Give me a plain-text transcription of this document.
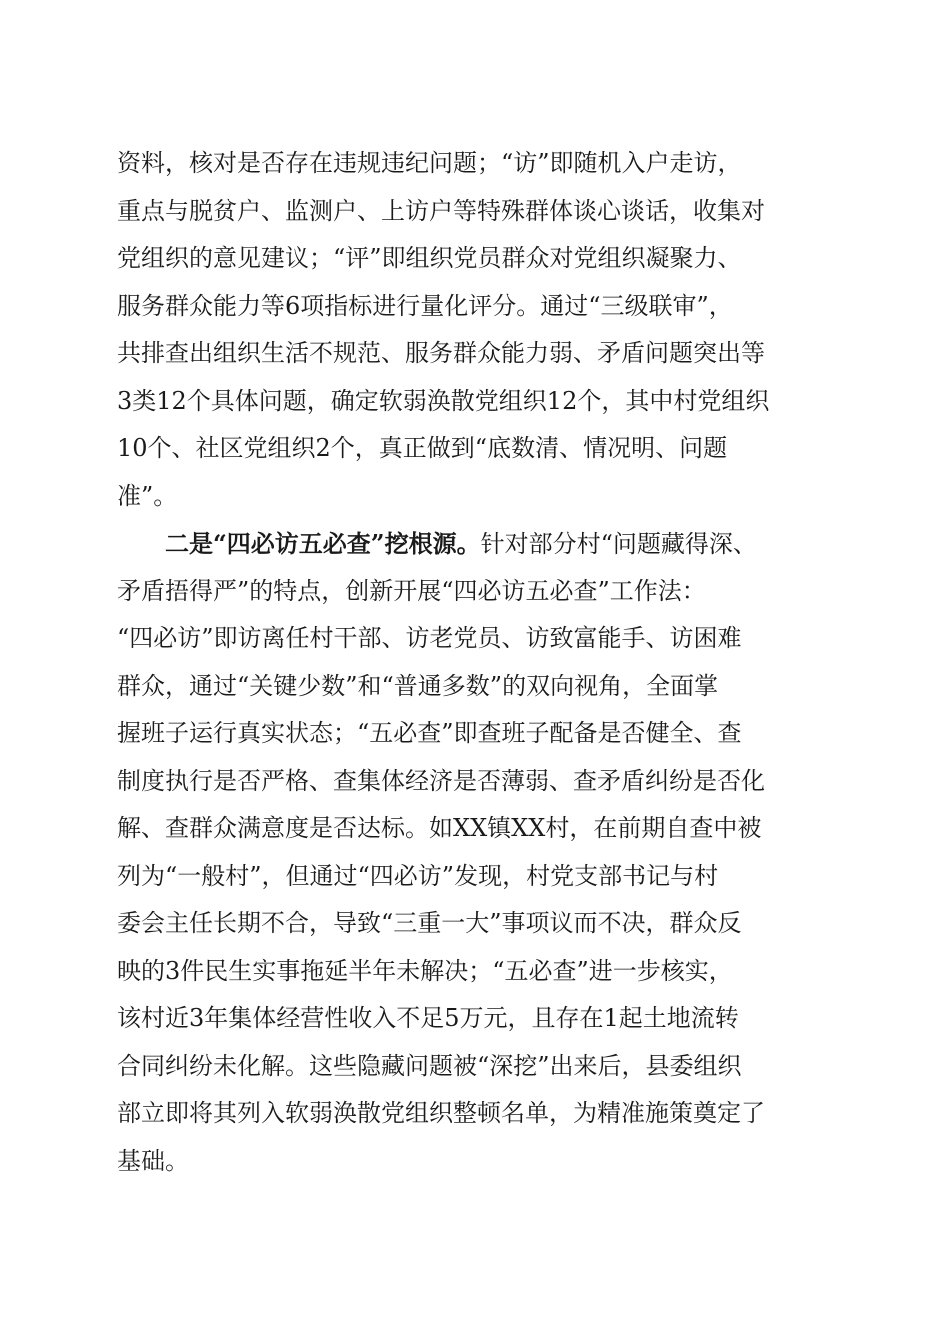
资料，核对是否存在违规违纪问题；“访”即随机入户走访，
重点与脱贫户、监测户、上访户等特殊群体谈心谈话，收集对
党组织的意见建议；“评”即组织党员群众对党组织凝聚力、
服务群众能力等6项指标进行量化评分。通过“三级联审”，
共排查出组织生活不规范、服务群众能力弱、矛盾问题突出等
3类12个具体问题，确定软弱涣散党组织12个，其中村党组织
10个、社区党组织2个，真正做到“底数清、情况明、问题
准”。
二是“四必访五必查”挖根源。针对部分村“问题藏得深、
矛盾捂得严”的特点，创新开展“四必访五必查”工作法：
“四必访”即访离任村干部、访老党员、访致富能手、访困难
群众，通过“关键少数”和“普通多数”的双向视角，全面掌
握班子运行真实状态；“五必查”即查班子配备是否健全、查
制度执行是否严格、查集体经济是否薄弱、查矛盾纠纷是否化
解、查群众满意度是否达标。如XX镇XX村，在前期自查中被
列为“一般村”，但通过“四必访”发现，村党支部书记与村
委会主任长期不合，导致“三重一大”事项议而不决，群众反
映的3件民生实事拖延半年未解决；“五必查”进一步核实，
该村近3年集体经营性收入不足5万元，且存在1起土地流转
合同纠纷未化解。这些隐藏问题被“深挖”出来后，县委组织
部立即将其列入软弱涣散党组织整顿名单，为精准施策奠定了
基础。
